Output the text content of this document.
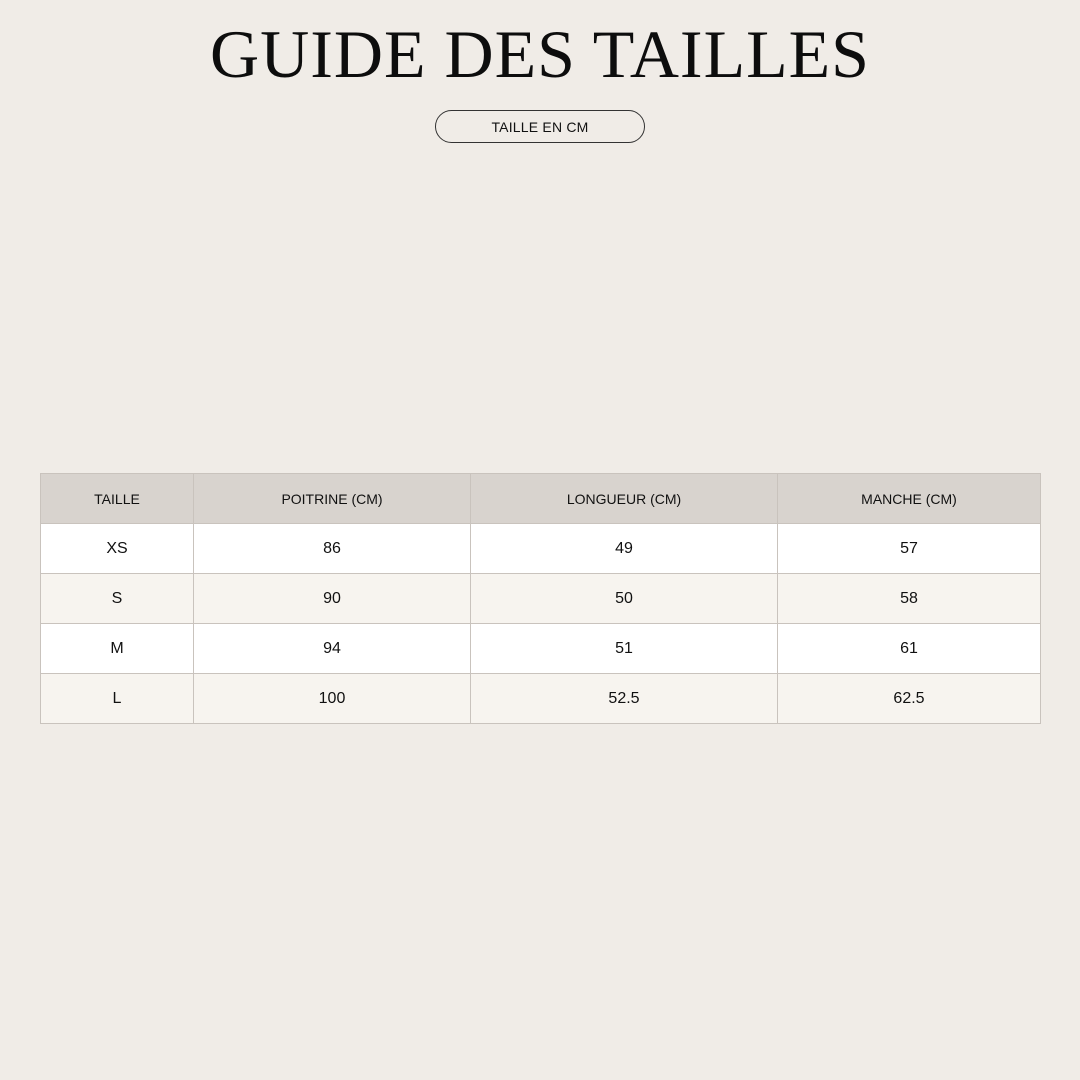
GUIDE DES TAILLES
TAILLE EN CM
TAILLE	POITRINE (CM)	LONGUEUR (CM)	MANCHE (CM)
XS	86	49	57
S	90	50	58
M	94	51	61
L	100	52.5	62.5
